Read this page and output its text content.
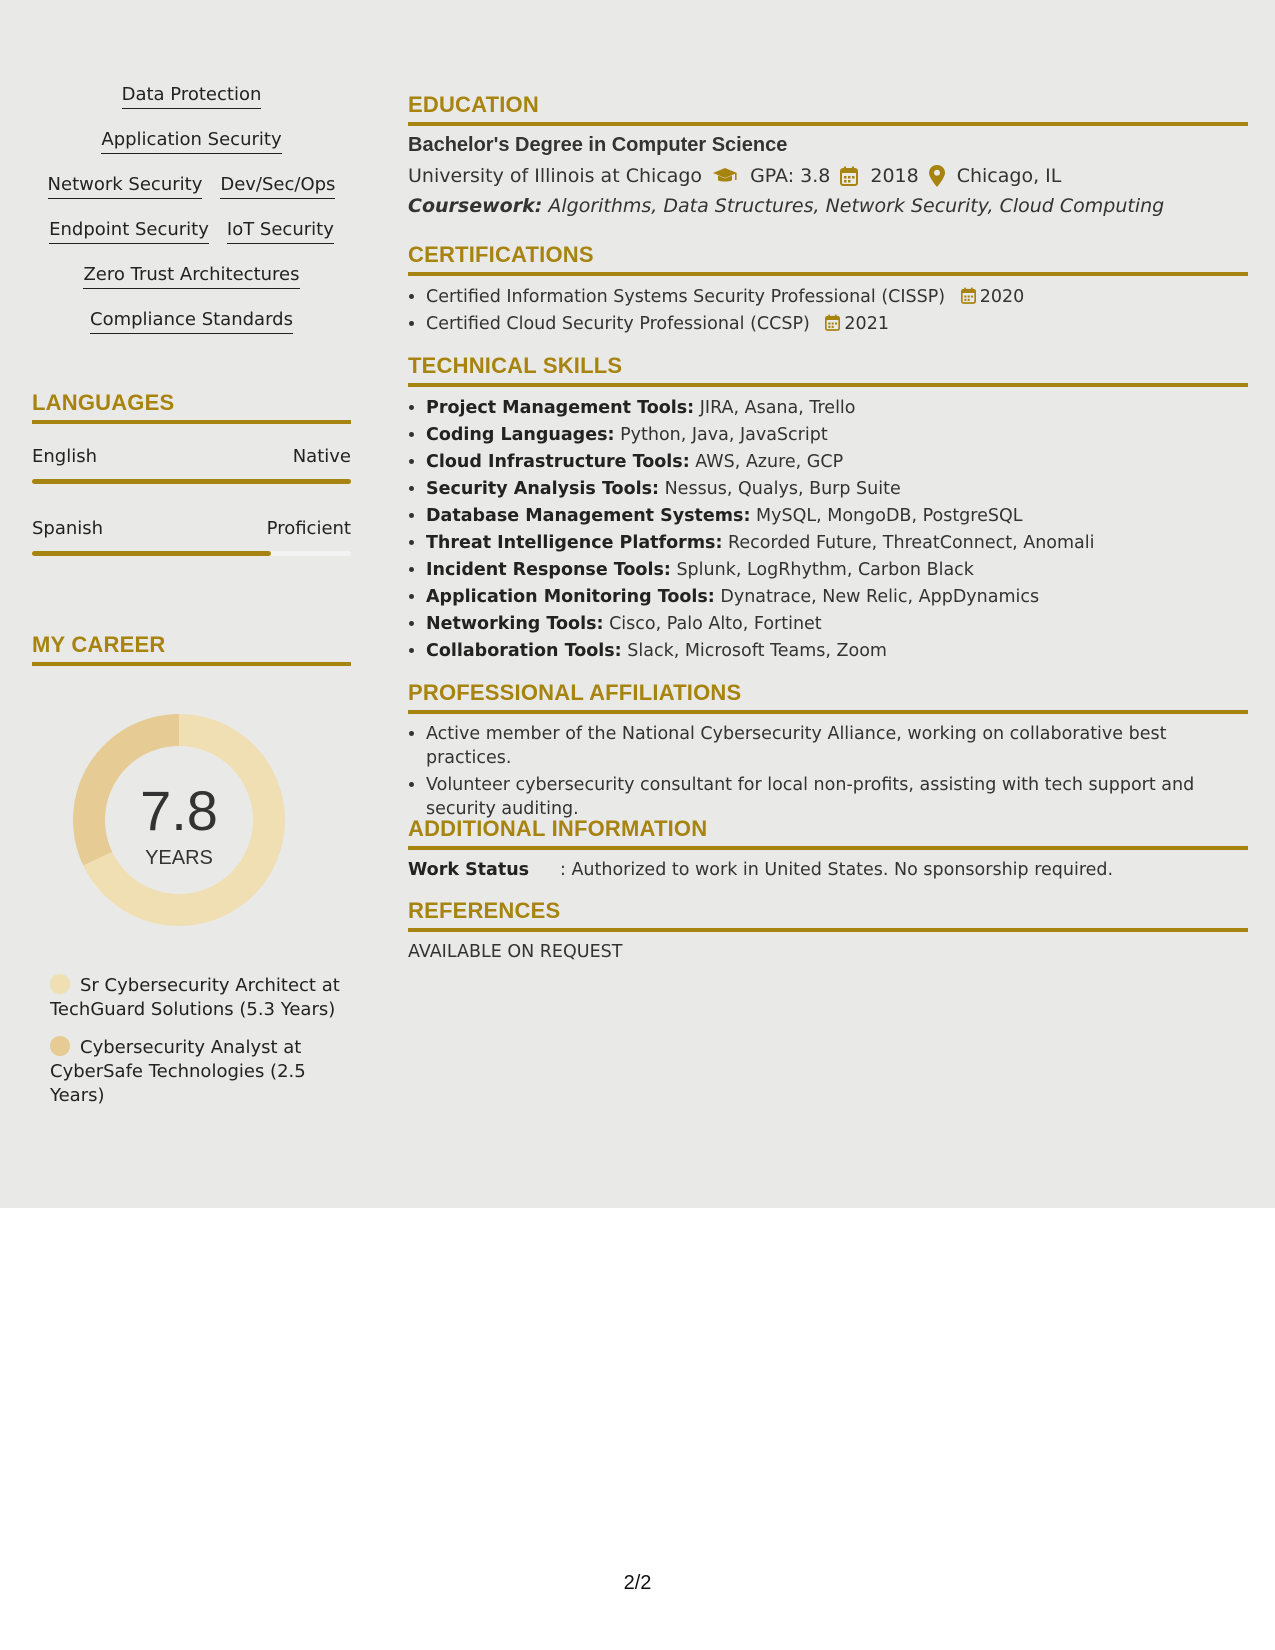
Data Protection
Application Security
Network Security Dev/Sec/Ops
Endpoint Security IoT Security
Zero Trust Architectures
Compliance Standards
LANGUAGES
English	Native
Spanish	Proficient
MY CAREER
7.8
YEARS
Sr Cybersecurity Architect at TechGuard Solutions (5.3 Years)
Cybersecurity Analyst at CyberSafe Technologies (2.5 Years)
EDUCATION
Bachelor's Degree in Computer Science
University of Illinois at Chicago	GPA: 3.8 2018 Chicago, IL
Coursework: Algorithms, Data Structures, Network Security, Cloud Computing
CERTIFICATIONS
• Certified Information Systems Security Professional (CISSP) 2020
• Certified Cloud Security Professional (CCSP) 2021
TECHNICAL SKILLS
• Project Management Tools: JIRA, Asana, Trello
• Coding Languages: Python, Java, JavaScript
• Cloud Infrastructure Tools: AWS, Azure, GCP
• Security Analysis Tools: Nessus, Qualys, Burp Suite
• Database Management Systems: MySQL, MongoDB, PostgreSQL
• Threat Intelligence Platforms: Recorded Future, ThreatConnect, Anomali
• Incident Response Tools: Splunk, LogRhythm, Carbon Black
• Application Monitoring Tools: Dynatrace, New Relic, AppDynamics
• Networking Tools: Cisco, Palo Alto, Fortinet
• Collaboration Tools: Slack, Microsoft Teams, Zoom
PROFESSIONAL AFFILIATIONS
• Active member of the National Cybersecurity Alliance, working on collaborative best practices.
• Volunteer cybersecurity consultant for local non-profits, assisting with tech support and security auditing.
ADDITIONAL INFORMATION
Work Status	: Authorized to work in United States. No sponsorship required.
REFERENCES
AVAILABLE ON REQUEST
2/2
